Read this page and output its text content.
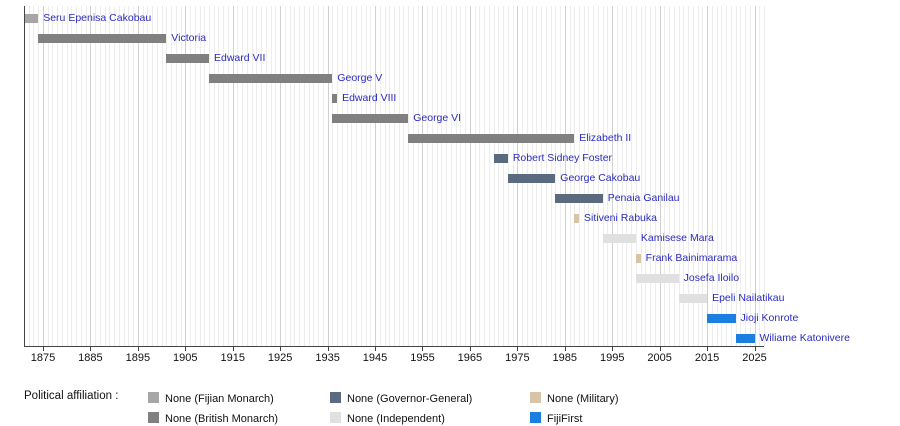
Seru Epenisa Cakobau
Victoria
Edward VII
George V
Edward VIII
George VI
Elizabeth II
Robert Sidney Foster
George Cakobau
Penaia Ganilau
Sitiveni Rabuka
Kamisese Mara
Frank Bainimarama
Josefa Iloilo
Epeli Nailatikau
Jioji Konrote
Wiliame Katonivere
1875 1885 1895 1905 1915 1925 1935 1945 1955 1965 1975 1985 1995 2005 2015 2025
Political affiliation :	None (Fijian Monarch)
None (British Monarch)
None (Governor-General)
None (Independent)
None (Military)
FijiFirst
